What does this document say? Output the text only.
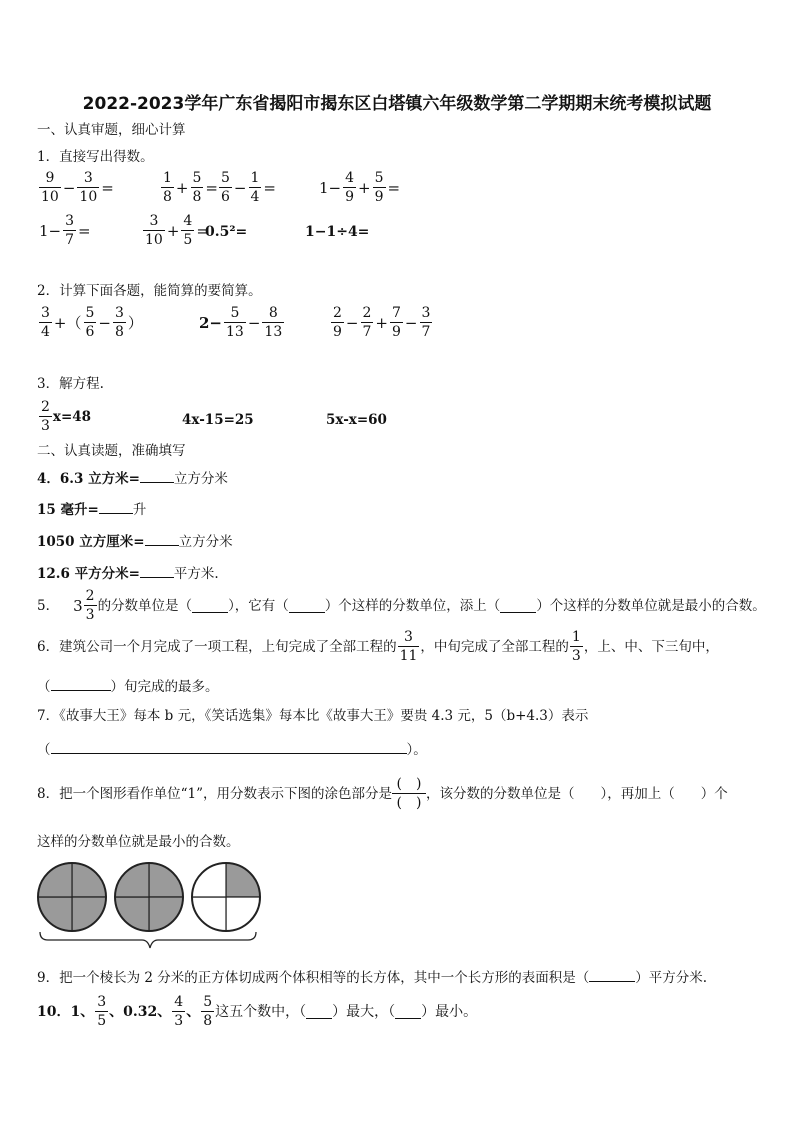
2022-2023学年广东省揭阳市揭东区白塔镇六年级数学第二学期期末统考模拟试题
一、认真审题，细心计算
1．直接写出得数。
$\frac{9}{10} - \frac{3}{10}$ =	$\frac{1}{8} + \frac{5}{8} = \frac{5}{6} - \frac{1}{4}$ =	$1- \frac{4}{9} + \frac{5}{9}$ =
$1- \frac{3}{7}$ =	$\frac{3}{10} + \frac{4}{5}$ =
0.5²=	1−1÷4=
2．计算下面各题，能简算的要简算。
$\frac{3}{4}$ +（ $\frac{5}{6} - \frac{3}{8}$ ）	$2- \frac{5}{13} - \frac{8}{13}$	$\frac{2}{9} - \frac{2}{7} + \frac{7}{9} - \frac{3}{7}$
3．解方程.
$\frac{2}{3} x=48$	4x-15=25	5x-x=60
二、认真读题，准确填写
4．6.3 立方米=	立方分米
15 毫升=	升
1050 立方厘米=	立方分米
12.6 平方分米=	平方米.
5． $3 \frac{2}{3}$ 的分数单位是（	），它有（	）个这样的分数单位，添上（	）个这样的分数单位就是最小的合数。
6．建筑公司一个月完成了一项工程，上旬完成了全部工程的 $\frac{3}{11}$ ，中旬完成了全部工程的 $\frac{1}{3}$ ，上、中、下三旬中，
（	）旬完成的最多。
7．《故事大王》每本 b 元，《笑话选集》每本比《故事大王》要贵 4.3 元，5（b+4.3）表示
（	）。
8．把一个图形看作单位“1”，用分数表示下图的涂色部分是
(　)
(　)
，该分数的分数单位是（ ），再加上（ ）个
这样的分数单位就是最小的合数。
9．把一个棱长为 2 分米的正方体切成两个体积相等的长方体，其中一个长方形的表面积是（	）平方分米.
10．1、 $\frac{3}{5}$ 、0.32、 $\frac{4}{3}$ 、 $\frac{5}{8}$ 这五个数中，（ ）最大，（ ）最小。
